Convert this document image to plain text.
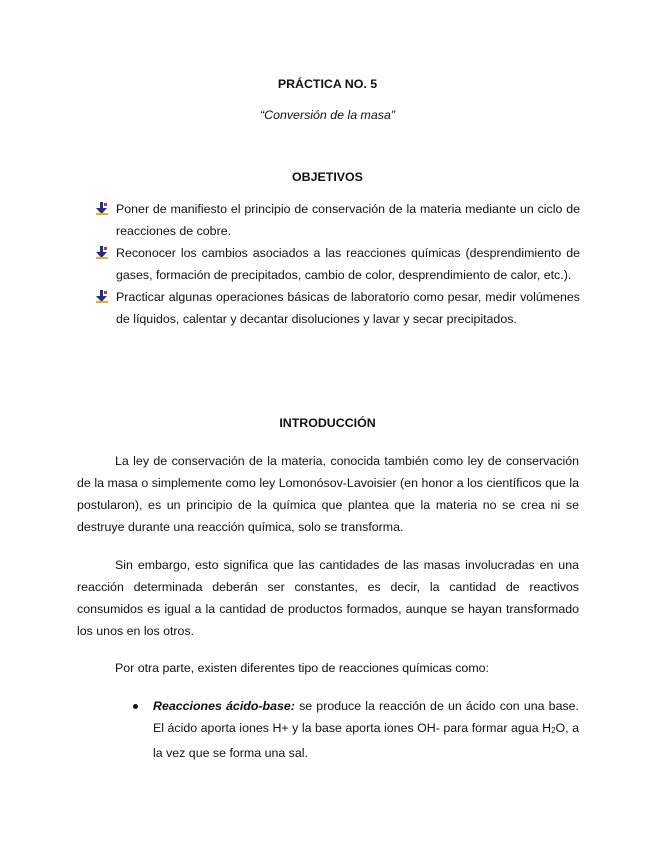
PRÁCTICA NO. 5
“Conversión de la masa”
OBJETIVOS
Poner de manifiesto el principio de conservación de la materia mediante un ciclo de reacciones de cobre.
Reconocer los cambios asociados a las reacciones químicas (desprendimiento de gases, formación de precipitados, cambio de color, desprendimiento de calor, etc.).
Practicar algunas operaciones básicas de laboratorio como pesar, medir volúmenes de líquidos, calentar y decantar disoluciones y lavar y secar precipitados.
INTRODUCCIÓN

La ley de conservación de la materia, conocida también como ley de conservación de la masa o simplemente como ley Lomonósov-Lavoisier (en honor a los científicos que la postularon), es un principio de la química que plantea que la materia no se crea ni se destruye durante una reacción química, solo se transforma.

Sin embargo, esto significa que las cantidades de las masas involucradas en una reacción determinada deberán ser constantes, es decir, la cantidad de reactivos consumidos es igual a la cantidad de productos formados, aunque se hayan transformado los unos en los otros.

Por otra parte, existen diferentes tipo de reacciones químicas como:

Reacciones ácido-base: se produce la reacción de un ácido con una base. El ácido aporta iones H+ y la base aporta iones OH- para formar agua $H_2O$, a la vez que se forma una sal.
